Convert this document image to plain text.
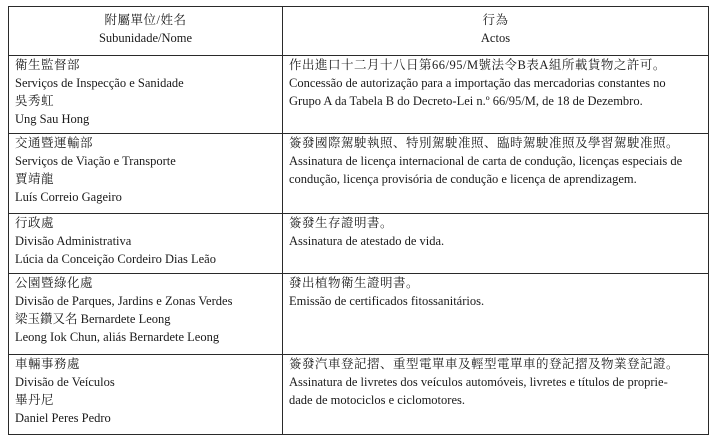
附屬單位/姓名
Subunidade/Nome	行為
Actos

衛生監督部
Serviços de Inspecção e Sanidade
吳秀虹
Ung Sau Hong	作出進口十二月十八日第66/95/M號法令B表A組所載貨物之許可。
Concessão de autorização para a importação das mercadorias constantes no
Grupo A da Tabela B do Decreto-Lei n.º 66/95/M, de 18 de Dezembro.

交通暨運輸部
Serviços de Viação e Transporte
賈靖龍
Luís Correio Gageiro	簽發國際駕駛執照、特別駕駛准照、臨時駕駛准照及學習駕駛准照。
Assinatura de licença internacional de carta de condução, licenças especiais de
condução, licença provisória de condução e licença de aprendizagem.

行政處
Divisão Administrativa
Lúcia da Conceição Cordeiro Dias Leão	簽發生存證明書。
Assinatura de atestado de vida.

公園暨綠化處
Divisão de Parques, Jardins e Zonas Verdes
梁玉鑽又名 Bernardete Leong
Leong Iok Chun, aliás Bernardete Leong	發出植物衛生證明書。
Emissão de certificados fitossanitários.

車輛事務處
Divisão de Veículos
畢丹尼
Daniel Peres Pedro	簽發汽車登記摺、重型電單車及輕型電單車的登記摺及物業登記證。
Assinatura de livretes dos veículos automóveis, livretes e títulos de proprie-
dade de motociclos e ciclomotores.
